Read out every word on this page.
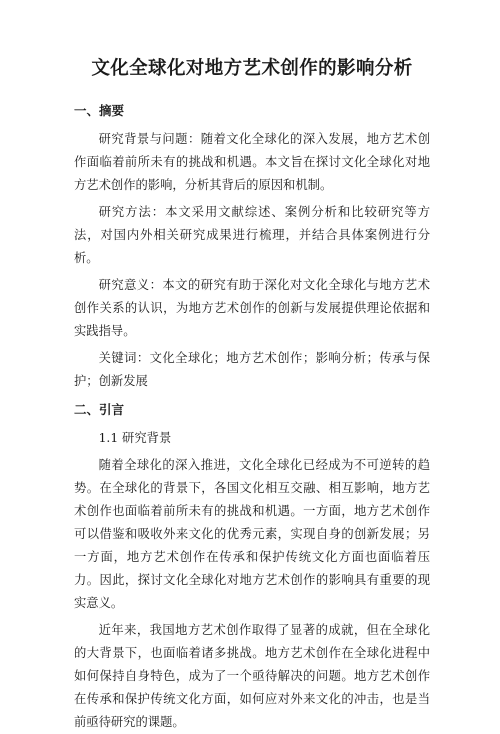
文化全球化对地方艺术创作的影响分析
一、摘要

研究背景与问题：随着文化全球化的深入发展，地方艺术创作面临着前所未有的挑战和机遇。本文旨在探讨文化全球化对地方艺术创作的影响，分析其背后的原因和机制。

研究方法：本文采用文献综述、案例分析和比较研究等方法，对国内外相关研究成果进行梳理，并结合具体案例进行分析。

研究意义：本文的研究有助于深化对文化全球化与地方艺术创作关系的认识，为地方艺术创作的创新与发展提供理论依据和实践指导。

关键词：文化全球化；地方艺术创作；影响分析；传承与保护；创新发展

二、引言
1.1 研究背景

随着全球化的深入推进，文化全球化已经成为不可逆转的趋势。在全球化的背景下，各国文化相互交融、相互影响，地方艺术创作也面临着前所未有的挑战和机遇。一方面，地方艺术创作可以借鉴和吸收外来文化的优秀元素，实现自身的创新发展；另一方面，地方艺术创作在传承和保护传统文化方面也面临着压力。因此，探讨文化全球化对地方艺术创作的影响具有重要的现实意义。

近年来，我国地方艺术创作取得了显著的成就，但在全球化的大背景下，也面临着诸多挑战。地方艺术创作在全球化进程中如何保持自身特色，成为了一个亟待解决的问题。地方艺术创作在传承和保护传统文化方面，如何应对外来文化的冲击，也是当前亟待研究的课题。
